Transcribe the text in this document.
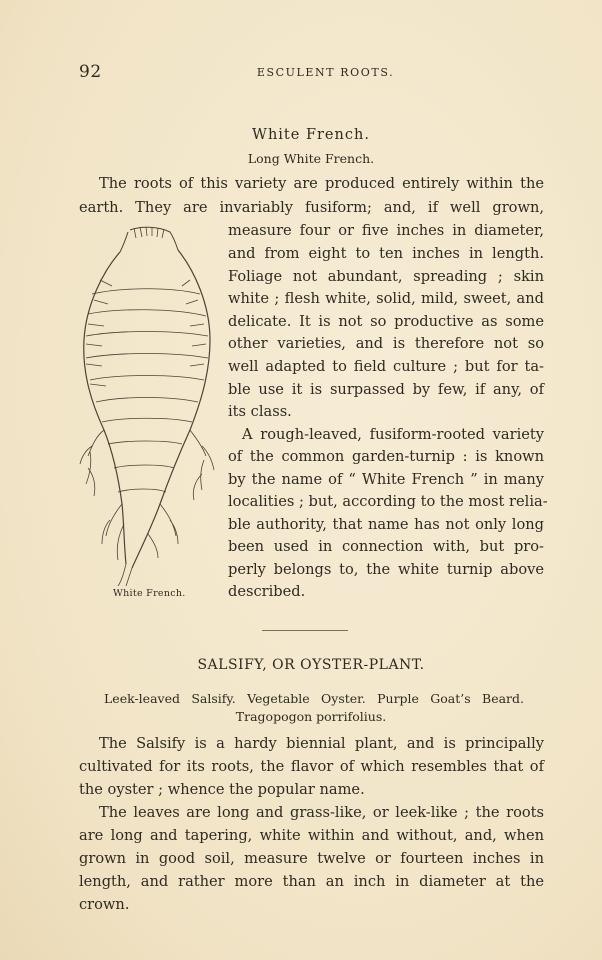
92	ESCULENT ROOTS.
White French.
Long White French.
The roots of this variety are produced entirely within the
earth. They are invariably fusiform; and, if well grown,
measure four or five inches in diameter,
and from eight to ten inches in length.
Foliage not abundant, spreading ; skin
white ; flesh white, solid, mild, sweet, and
delicate. It is not so productive as some
other varieties, and is therefore not so
well adapted to field culture ; but for ta-
ble use it is surpassed by few, if any, of
its class.
A rough-leaved, fusiform-rooted variety
of the common garden-turnip : is known
by the name of “ White French ” in many
localities ; but, according to the most relia-
ble authority, that name has not only long
been used in connection with, but pro-
perly belongs to, the white turnip above
described.
White French.
SALSIFY, OR OYSTER-PLANT.
Leek-leaved Salsify. Vegetable Oyster. Purple Goat’s Beard.
Tragopogon porrifolius.
The Salsify is a hardy biennial plant, and is principally
cultivated for its roots, the flavor of which resembles that of
the oyster ; whence the popular name.
The leaves are long and grass-like, or leek-like ; the roots
are long and tapering, white within and without, and, when
grown in good soil, measure twelve or fourteen inches in
length, and rather more than an inch in diameter at the
crown.
